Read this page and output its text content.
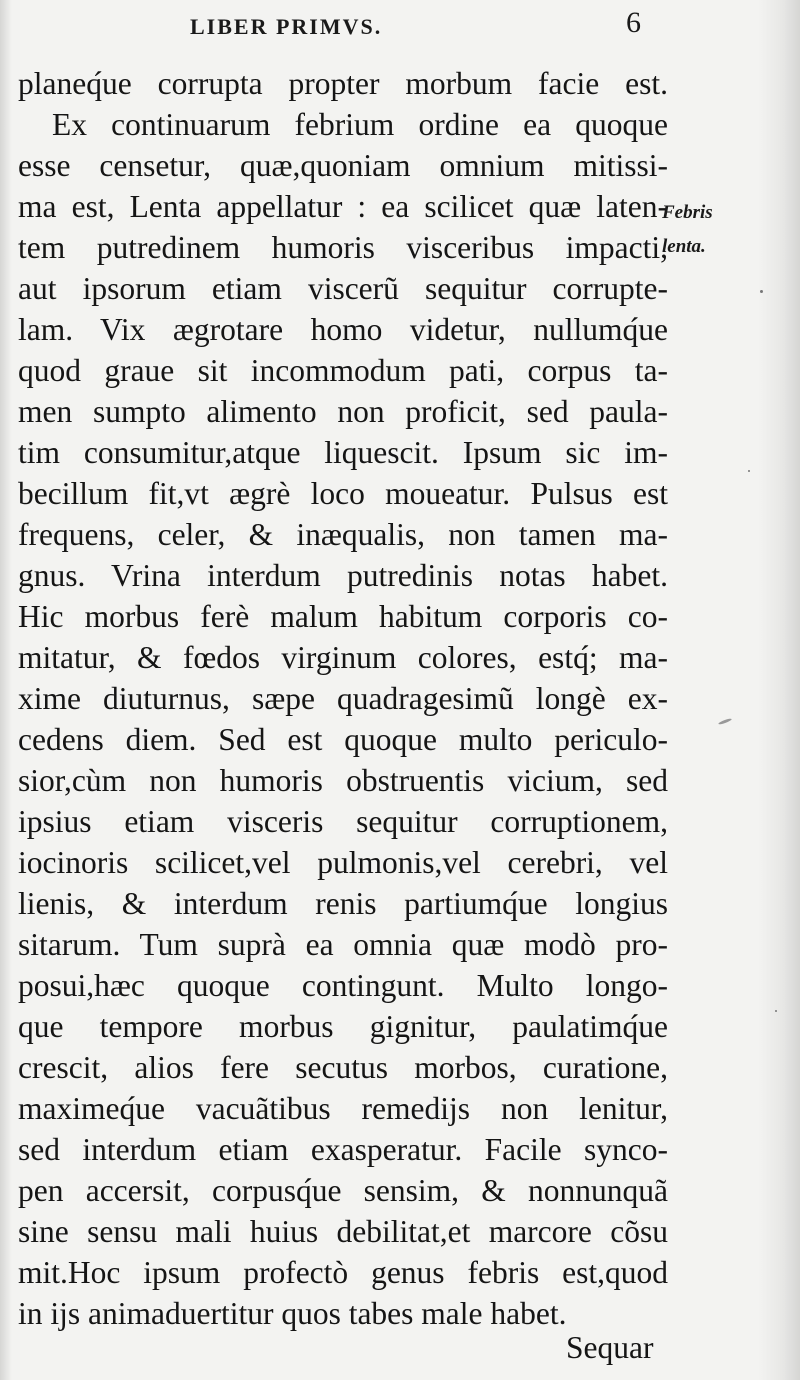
LIBER PRIMVS.	6
planeq́ue corrupta propter morbum facie est.
Ex continuarum febrium ordine ea quoque
esse censetur, quæ,quoniam omnium mitissi-
ma est, Lenta appellatur : ea scilicet quæ laten-
tem putredinem humoris visceribus impacti,
aut ipsorum etiam viscerũ sequitur corrupte-
lam. Vix ægrotare homo videtur, nullumq́ue
quod graue sit incommodum pati, corpus ta-
men sumpto alimento non proficit, sed paula-
tim consumitur,atque liquescit. Ipsum sic im-
becillum fit,vt ægrè loco moueatur. Pulsus est
frequens, celer, & inæqualis, non tamen ma-
gnus. Vrina interdum putredinis notas habet.
Hic morbus ferè malum habitum corporis co-
mitatur, & fœdos virginum colores, estq́; ma-
xime diuturnus, sæpe quadragesimũ longè ex-
cedens diem. Sed est quoque multo periculo-
sior,cùm non humoris obstruentis vicium, sed
ipsius etiam visceris sequitur corruptionem,
iocinoris scilicet,vel pulmonis,vel cerebri, vel
lienis, & interdum renis partiumq́ue longius
sitarum. Tum suprà ea omnia quæ modò pro-
posui,hæc quoque contingunt. Multo longo-
que tempore morbus gignitur, paulatimq́ue
crescit, alios fere secutus morbos, curatione,
maximeq́ue vacuãtibus remedijs non lenitur,
sed interdum etiam exasperatur. Facile synco-
pen accersit, corpusq́ue sensim, & nonnunquã
sine sensu mali huius debilitat,et marcore cõsu
mit.Hoc ipsum profectò genus febris est,quod
in ijs animaduertitur quos tabes male habet.
Febris
lenta.
Sequar
